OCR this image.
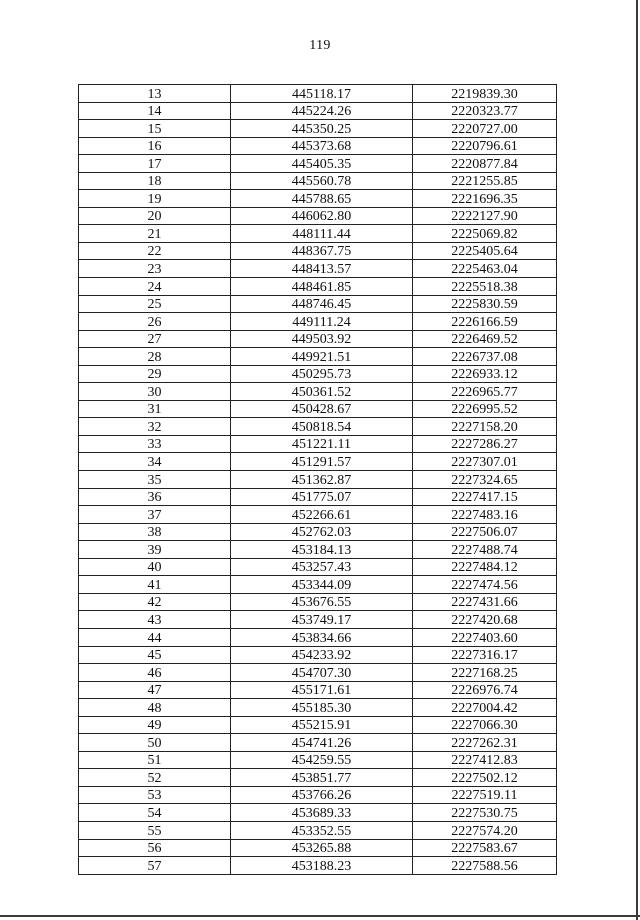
119
13	445118.17	2219839.30
14	445224.26	2220323.77
15	445350.25	2220727.00
16	445373.68	2220796.61
17	445405.35	2220877.84
18	445560.78	2221255.85
19	445788.65	2221696.35
20	446062.80	2222127.90
21	448111.44	2225069.82
22	448367.75	2225405.64
23	448413.57	2225463.04
24	448461.85	2225518.38
25	448746.45	2225830.59
26	449111.24	2226166.59
27	449503.92	2226469.52
28	449921.51	2226737.08
29	450295.73	2226933.12
30	450361.52	2226965.77
31	450428.67	2226995.52
32	450818.54	2227158.20
33	451221.11	2227286.27
34	451291.57	2227307.01
35	451362.87	2227324.65
36	451775.07	2227417.15
37	452266.61	2227483.16
38	452762.03	2227506.07
39	453184.13	2227488.74
40	453257.43	2227484.12
41	453344.09	2227474.56
42	453676.55	2227431.66
43	453749.17	2227420.68
44	453834.66	2227403.60
45	454233.92	2227316.17
46	454707.30	2227168.25
47	455171.61	2226976.74
48	455185.30	2227004.42
49	455215.91	2227066.30
50	454741.26	2227262.31
51	454259.55	2227412.83
52	453851.77	2227502.12
53	453766.26	2227519.11
54	453689.33	2227530.75
55	453352.55	2227574.20
56	453265.88	2227583.67
57	453188.23	2227588.56
